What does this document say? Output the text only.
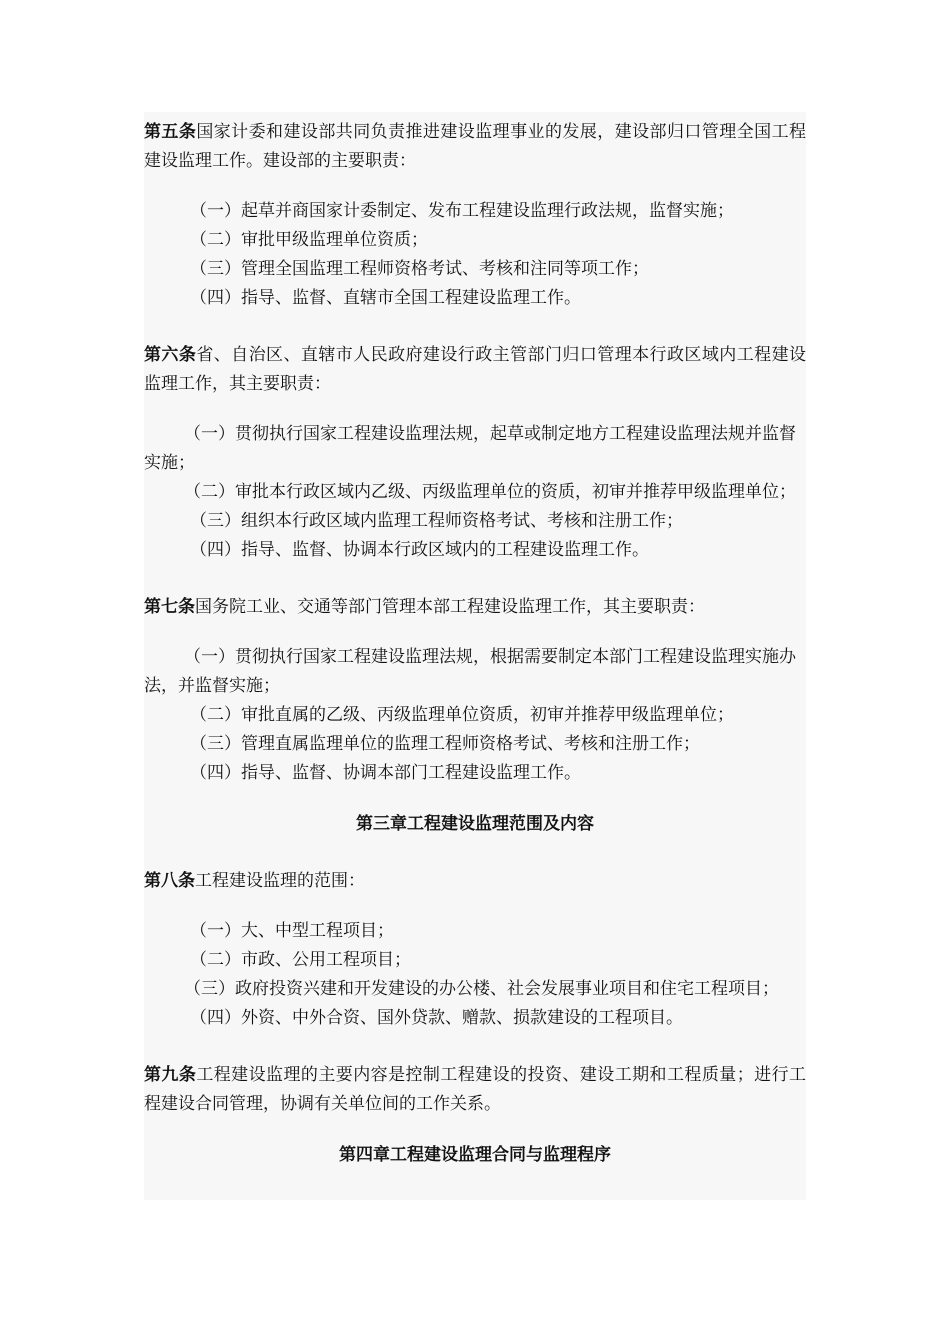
第五条国家计委和建设部共同负责推进建设监理事业的发展，建设部归口管理全国工程建设监理工作。建设部的主要职责：

（一）起草并商国家计委制定、发布工程建设监理行政法规，监督实施；

（二）审批甲级监理单位资质；

（三）管理全国监理工程师资格考试、考核和注同等项工作；

（四）指导、监督、直辖市全国工程建设监理工作。

第六条省、自治区、直辖市人民政府建设行政主管部门归口管理本行政区域内工程建设监理工作，其主要职责：

（一）贯彻执行国家工程建设监理法规，起草或制定地方工程建设监理法规并监督实施；

（二）审批本行政区域内乙级、丙级监理单位的资质，初审并推荐甲级监理单位；

（三）组织本行政区域内监理工程师资格考试、考核和注册工作；

（四）指导、监督、协调本行政区域内的工程建设监理工作。

第七条国务院工业、交通等部门管理本部工程建设监理工作，其主要职责：

（一）贯彻执行国家工程建设监理法规，根据需要制定本部门工程建设监理实施办法，并监督实施；

（二）审批直属的乙级、丙级监理单位资质，初审并推荐甲级监理单位；

（三）管理直属监理单位的监理工程师资格考试、考核和注册工作；

（四）指导、监督、协调本部门工程建设监理工作。

第三章工程建设监理范围及内容

第八条工程建设监理的范围：

（一）大、中型工程项目；

（二）市政、公用工程项目；

（三）政府投资兴建和开发建设的办公楼、社会发展事业项目和住宅工程项目；

（四）外资、中外合资、国外贷款、赠款、损款建设的工程项目。

第九条工程建设监理的主要内容是控制工程建设的投资、建设工期和工程质量；进行工程建设合同管理，协调有关单位间的工作关系。

第四章工程建设监理合同与监理程序
